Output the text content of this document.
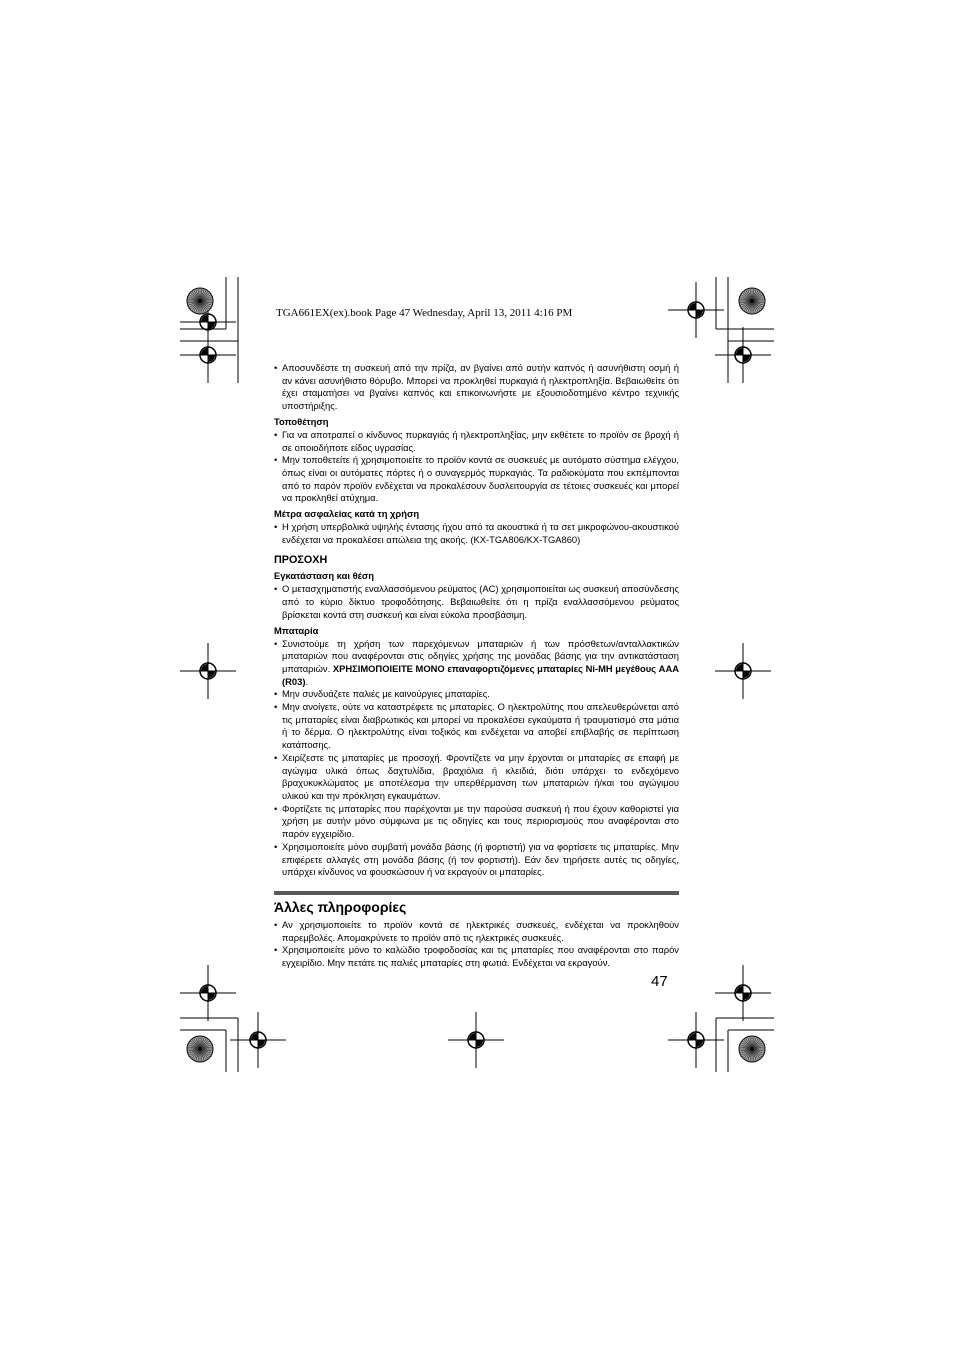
TGA661EX(ex).book Page 47 Wednesday, April 13, 2011 4:16 PM

• Αποσυνδέστε τη συσκευή από την πρίζα, αν βγαίνει από αυτήν καπνός ή ασυνήθιστη οσμή ή αν κάνει ασυνήθιστο θόρυβο. Μπορεί να προκληθεί πυρκαγιά ή ηλεκτροπληξία. Βεβαιωθείτε ότι έχει σταματήσει να βγαίνει καπνός και επικοινωνήστε με εξουσιοδοτημένο κέντρο τεχνικής υποστήριξης.

Τοποθέτηση

• Για να αποτραπεί ο κίνδυνος πυρκαγιάς ή ηλεκτροπληξίας, μην εκθέτετε το προϊόν σε βροχή ή σε οποιοδήποτε είδος υγρασίας.

• Μην τοποθετείτε ή χρησιμοποιείτε το προϊόν κοντά σε συσκευές με αυτόματο σύστημα ελέγχου, όπως είναι οι αυτόματες πόρτες ή ο συναγερμός πυρκαγιάς. Τα ραδιοκύματα που εκπέμπονται από το παρόν προϊόν ενδέχεται να προκαλέσουν δυσλειτουργία σε τέτοιες συσκευές και μπορεί να προκληθεί ατύχημα.

Μέτρα ασφαλείας κατά τη χρήση

• Η χρήση υπερβολικά υψηλής έντασης ήχου από τα ακουστικά ή τα σετ μικροφώνου-ακουστικού ενδέχεται να προκαλέσει απώλεια της ακοής. (KX-TGA806/KX-TGA860)

ΠΡΟΣΟΧΗ
Εγκατάσταση και θέση

• Ο μετασχηματιστής εναλλασσόμενου ρεύματος (AC) χρησιμοποιείται ως συσκευή αποσύνδεσης από το κύριο δίκτυο τροφοδότησης. Βεβαιωθείτε ότι η πρίζα εναλλασσόμενου ρεύματος βρίσκεται κοντά στη συσκευή και είναι εύκολα προσβάσιμη.

Μπαταρία

• Συνιστούμε τη χρήση των παρεχόμενων μπαταριών ή των πρόσθετων/ανταλλακτικών μπαταριών που αναφέρονται στις οδηγίες χρήσης της μονάδας βάσης για την αντικατάσταση μπαταριών. ΧΡΗΣΙΜΟΠΟΙΕΙΤΕ ΜΟΝΟ επαναφορτιζόμενες μπαταρίες Ni-MH μεγέθους AAA (R03).

• Μην συνδυάζετε παλιές με καινούργιες μπαταρίες.

• Μην ανοίγετε, ούτε να καταστρέφετε τις μπαταρίες. Ο ηλεκτρολύτης που απελευθερώνεται από τις μπαταρίες είναι διαβρωτικός και μπορεί να προκαλέσει εγκαύματα ή τραυματισμό στα μάτια ή το δέρμα. Ο ηλεκτρολύτης είναι τοξικός και ενδέχεται να αποβεί επιβλαβής σε περίπτωση κατάποσης.

• Χειρίζεστε τις μπαταρίες με προσοχή. Φροντίζετε να μην έρχονται οι μπαταρίες σε επαφή με αγώγιμα υλικά όπως δαχτυλίδια, βραχιόλια ή κλειδιά, διότι υπάρχει το ενδεχόμενο βραχυκυκλώματος με αποτέλεσμα την υπερθέρμανση των μπαταριών ή/και του αγώγιμου υλικού και την πρόκληση εγκαυμάτων.

• Φορτίζετε τις μπαταρίες που παρέχονται με την παρούσα συσκευή ή που έχουν καθοριστεί για χρήση με αυτήν μόνο σύμφωνα με τις οδηγίες και τους περιορισμούς που αναφέρονται στο παρόν εγχειρίδιο.

• Χρησιμοποιείτε μόνο συμβατή μονάδα βάσης (ή φορτιστή) για να φορτίσετε τις μπαταρίες. Μην επιφέρετε αλλαγές στη μονάδα βάσης (ή τον φορτιστή). Εάν δεν τηρήσετε αυτές τις οδηγίες, υπάρχει κίνδυνος να φουσκώσουν ή να εκραγούν οι μπαταρίες.

Άλλες πληροφορίες

• Αν χρησιμοποιείτε το προϊόν κοντά σε ηλεκτρικές συσκευές, ενδέχεται να προκληθούν παρεμβολές. Απομακρύνετε το προϊόν από τις ηλεκτρικές συσκευές.

• Χρησιμοποιείτε μόνο το καλώδιο τροφοδοσίας και τις μπαταρίες που αναφέρονται στο παρόν εγχειρίδιο. Μην πετάτε τις παλιές μπαταρίες στη φωτιά. Ενδέχεται να εκραγούν.

47
